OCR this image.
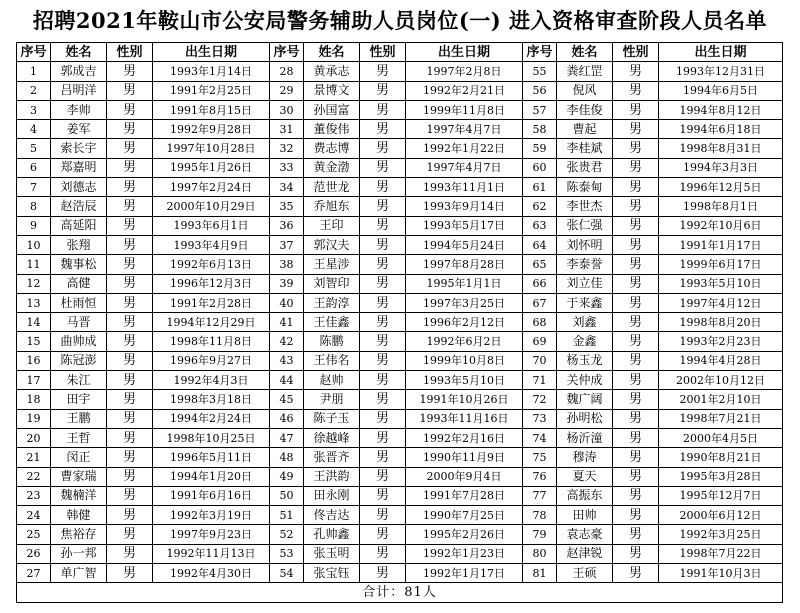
招聘2021年鞍山市公安局警务辅助人员岗位(一) 进入资格审查阶段人员名单
序号	姓名	性别	出生日期	序号	姓名	性别	出生日期	序号	姓名	性别	出生日期
1	郭成吉	男	1993年1月14日	28	黄承志	男	1997年2月8日	55	粪红罡	男	1993年12月31日
2	吕明洋	男	1991年2月25日	29	景博文	男	1992年2月21日	56	倪风	男	1994年6月5日
3	李帅	男	1991年8月15日	30	孙国富	男	1999年11月8日	57	李佳俊	男	1994年8月12日
4	姜军	男	1992年9月28日	31	董俊伟	男	1997年4月7日	58	曹起	男	1994年6月18日
5	索长宇	男	1997年10月28日	32	费志博	男	1992年1月22日	59	李桂斌	男	1998年8月31日
6	郑嘉明	男	1995年1月26日	33	黄金渤	男	1997年4月7日	60	张贵君	男	1994年3月3日
7	刘德志	男	1997年2月24日	34	范世龙	男	1993年11月1日	61	陈泰甸	男	1996年12月5日
8	赵浩辰	男	2000年10月29日	35	乔旭东	男	1993年9月14日	62	李世杰	男	1998年8月1日
9	高延阳	男	1993年6月1日	36	王印	男	1993年5月17日	63	张仁强	男	1992年10月6日
10	张翔	男	1993年4月9日	37	郭汉夫	男	1994年5月24日	64	刘怀明	男	1991年1月17日
11	魏事松	男	1992年6月13日	38	王星涉	男	1997年8月28日	65	李泰誉	男	1999年6月17日
12	高健	男	1996年12月3日	39	刘智印	男	1995年1月1日	66	刘立佳	男	1993年5月10日
13	杜雨恒	男	1991年2月28日	40	王韵淳	男	1997年3月25日	67	于来鑫	男	1997年4月12日
14	马晋	男	1994年12月29日	41	王佳鑫	男	1996年2月12日	68	刘鑫	男	1998年8月20日
15	曲帅成	男	1998年11月8日	42	陈鹏	男	1992年6月2日	69	金鑫	男	1993年2月23日
16	陈冠澎	男	1996年9月27日	43	王伟名	男	1999年10月8日	70	杨玉龙	男	1994年4月28日
17	朱江	男	1992年4月3日	44	赵帅	男	1993年5月10日	71	关仲成	男	2002年10月12日
18	田宇	男	1998年3月18日	45	尹朋	男	1991年10月26日	72	魏广阔	男	2001年2月10日
19	王鹏	男	1994年2月24日	46	陈子玉	男	1993年11月16日	73	孙明松	男	1998年7月21日
20	王哲	男	1998年10月25日	47	徐越峰	男	1992年2月16日	74	杨沂潼	男	2000年4月5日
21	闵正	男	1996年5月11日	48	张晋齐	男	1990年11月9日	75	穆涛	男	1990年8月21日
22	曹家瑞	男	1994年1月20日	49	王洪韵	男	2000年9月4日	76	夏天	男	1995年3月28日
23	魏楠洋	男	1991年6月16日	50	田永刚	男	1991年7月28日	77	高振东	男	1995年12月7日
24	韩健	男	1992年3月19日	51	佟吉达	男	1990年7月25日	78	田帅	男	2000年6月12日
25	焦裕存	男	1997年9月23日	52	孔帅鑫	男	1995年2月26日	79	袁志豪	男	1992年3月25日
26	孙一邦	男	1992年11月13日	53	张玉明	男	1992年1月23日	80	赵津锐	男	1998年7月22日
27	单广智	男	1992年4月30日	54	张宝钰	男	1992年1月17日	81	王硕	男	1991年10月3日
合计：81人											
